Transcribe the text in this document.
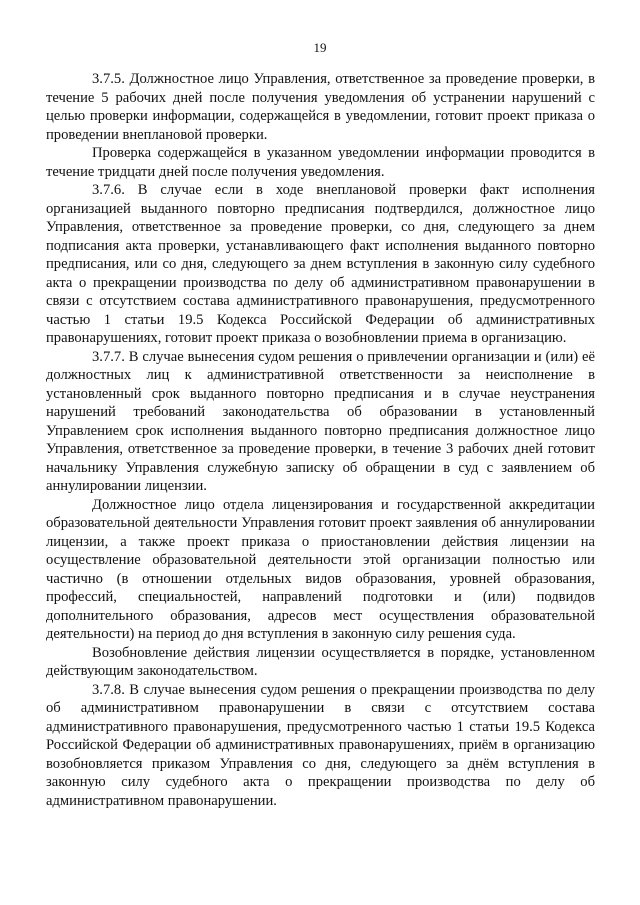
19

3.7.5. Должностное лицо Управления, ответственное за проведение проверки, в течение 5 рабочих дней после получения уведомления об устранении нарушений с целью проверки информации, содержащейся в уведомлении, готовит проект приказа о проведении внеплановой проверки.

Проверка содержащейся в указанном уведомлении информации проводится в течение тридцати дней после получения уведомления.

3.7.6. В случае если в ходе внеплановой проверки факт исполнения организацией выданного повторно предписания подтвердился, должностное лицо Управления, ответственное за проведение проверки, со дня, следующего за днем подписания акта проверки, устанавливающего факт исполнения выданного повторно предписания, или со дня, следующего за днем вступления в законную силу судебного акта о прекращении производства по делу об административном правонарушении в связи с отсутствием состава административного правонарушения, предусмотренного частью 1 статьи 19.5 Кодекса Российской Федерации об административных правонарушениях, готовит проект приказа о возобновлении приема в организацию.

3.7.7. В случае вынесения судом решения о привлечении организации и (или) её должностных лиц к административной ответственности за неисполнение в установленный срок выданного повторно предписания и в случае неустранения нарушений требований законодательства об образовании в установленный Управлением срок исполнения выданного повторно предписания должностное лицо Управления, ответственное за проведение проверки, в течение 3 рабочих дней готовит начальнику Управления служебную записку об обращении в суд с заявлением об аннулировании лицензии.

Должностное лицо отдела лицензирования и государственной аккредитации образовательной деятельности Управления готовит проект заявления об аннулировании лицензии, а также проект приказа о приостановлении действия лицензии на осуществление образовательной деятельности этой организации полностью или частично (в отношении отдельных видов образования, уровней образования, профессий, специальностей, направлений подготовки и (или) подвидов дополнительного образования, адресов мест осуществления образовательной деятельности) на период до дня вступления в законную силу решения суда.

Возобновление действия лицензии осуществляется в порядке, установленном действующим законодательством.

3.7.8. В случае вынесения судом решения о прекращении производства по делу об административном правонарушении в связи с отсутствием состава административного правонарушения, предусмотренного частью 1 статьи 19.5 Кодекса Российской Федерации об административных правонарушениях, приём в организацию возобновляется приказом Управления со дня, следующего за днём вступления в законную силу судебного акта о прекращении производства по делу об административном правонарушении.
